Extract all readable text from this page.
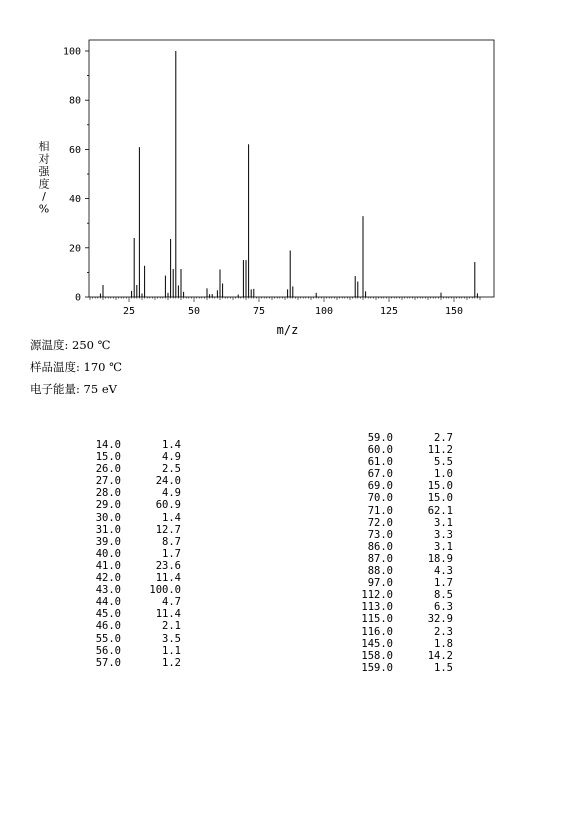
0
20
40
60
80
100
25	50	75	100	125	150
m/z
相
对
强
度
/
%
源温度: 250 ℃
样品温度: 170 ℃
电子能量: 75 eV
14.0	1.4
15.0	4.9
26.0	2.5
27.0	24.0
28.0	4.9
29.0	60.9
30.0	1.4
31.0	12.7
39.0	8.7
40.0	1.7
41.0	23.6
42.0	11.4
43.0	100.0
44.0	4.7
45.0	11.4
46.0	2.1
55.0	3.5
56.0	1.1
57.0	1.2
59.0	2.7
60.0	11.2
61.0	5.5
67.0	1.0
69.0	15.0
70.0	15.0
71.0	62.1
72.0	3.1
73.0	3.3
86.0	3.1
87.0	18.9
88.0	4.3
97.0	1.7
112.0	8.5
113.0	6.3
115.0	32.9
116.0	2.3
145.0	1.8
158.0	14.2
159.0	1.5
